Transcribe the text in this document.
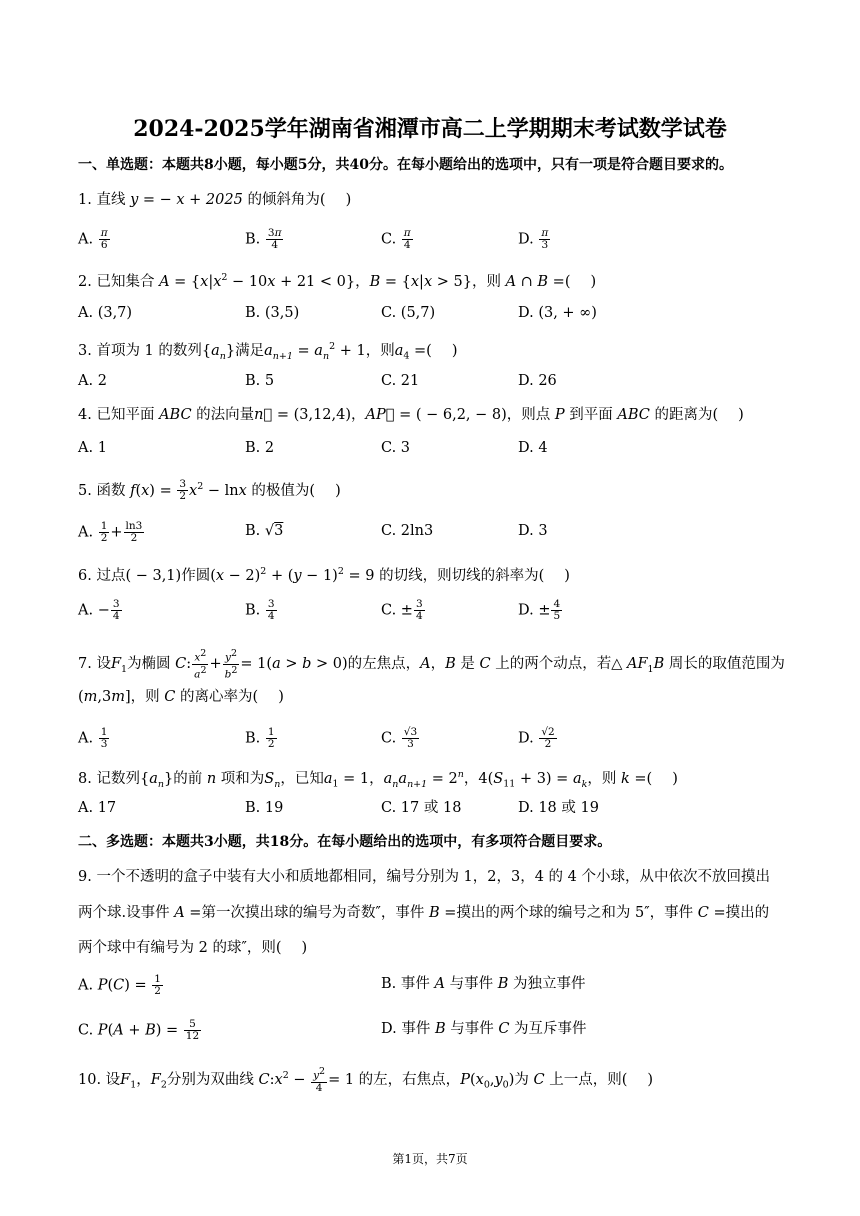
2024-2025学年湖南省湘潭市高二上学期期末考试数学试卷
一、单选题：本题共8小题，每小题5分，共40分。在每小题给出的选项中，只有一项是符合题目要求的。
1. 直线 y = − x + 2025 的倾斜角为( )
A. $\frac{\pi}{6}$	B. $\frac{3\pi}{4}$	C. $\frac{\pi}{4}$	D. $\frac{\pi}{3}$
2. 已知集合 $A = \{x|x^2 - 10x + 21 < 0\}$，B = {x|x > 5}，则 A ∩ B =( )
A. (3,7)	B. (3,5)	C. (5,7)	D. (3, + ∞)
3. 首项为 1 的数列$\{a_n\}$满足$a_{n+1} = a_n^2 + 1$，则$a_4$ =( )
A. 2	B. 5	C. 21	D. 26
4. 已知平面 ABC 的法向量n⃗ = (3,12,4)，AP⃗ = ( − 6,2, − 8)，则点 P 到平面 ABC 的距离为( )
A. 1	B. 2	C. 3	D. 4
5. 函数 $f(x) = \frac{3}{2} x^2 - \ln x$ 的极值为( )
A. $\frac{1}{2} + \frac{\ln 3}{2}$	B. √3	C. 2ln3	D. 3
6. 过点( − 3,1)作圆$(x - 2)^2 + (y - 1)^2 = 9$ 的切线，则切线的斜率为( )
A. − $\frac{3}{4}$	B. $\frac{3}{4}$	C. ± $\frac{3}{4}$	D. ± $\frac{4}{5}$
7. 设$F_1$为椭圆 C: $\frac{x^2}{a^2} + \frac{y^2}{b^2} = 1(a > b > 0)$的左焦点，A，B 是 C 上的两个动点，若△ $AF_1B$ 周长的取值范围为
(m,3m]，则 C 的离心率为( )
A. $\frac{1}{3}$	B. $\frac{1}{2}$	C. $\frac{√3}{3}$	D. $\frac{√2}{2}$
8. 记数列$\{a_n\}$的前 n 项和为$S_n$，已知$a_1 = 1$，$a_na_{n+1} = 2^n$，$4(S_{11} + 3) = a_k$，则 k =( )
A. 17	B. 19	C. 17 或 18	D. 18 或 19
二、多选题：本题共3小题，共18分。在每小题给出的选项中，有多项符合题目要求。
9. 一个不透明的盒子中装有大小和质地都相同，编号分别为 1，2，3，4 的 4 个小球，从中依次不放回摸出
两个球.设事件 A =第一次摸出球的编号为奇数″，事件 B =摸出的两个球的编号之和为 5″，事件 C =摸出的
两个球中有编号为 2 的球″，则( )
A. $P(C) = \frac{1}{2}$	B. 事件 A 与事件 B 为独立事件
C. $P(A + B) = \frac{5}{12}$	D. 事件 B 与事件 C 为互斥事件
10. 设$F_1$，$F_2$分别为双曲线 $C:x^2 - \frac{y^2}{4} = 1$ 的左，右焦点，$P(x_0,y_0)$为 C 上一点，则( )
第1页，共7页
